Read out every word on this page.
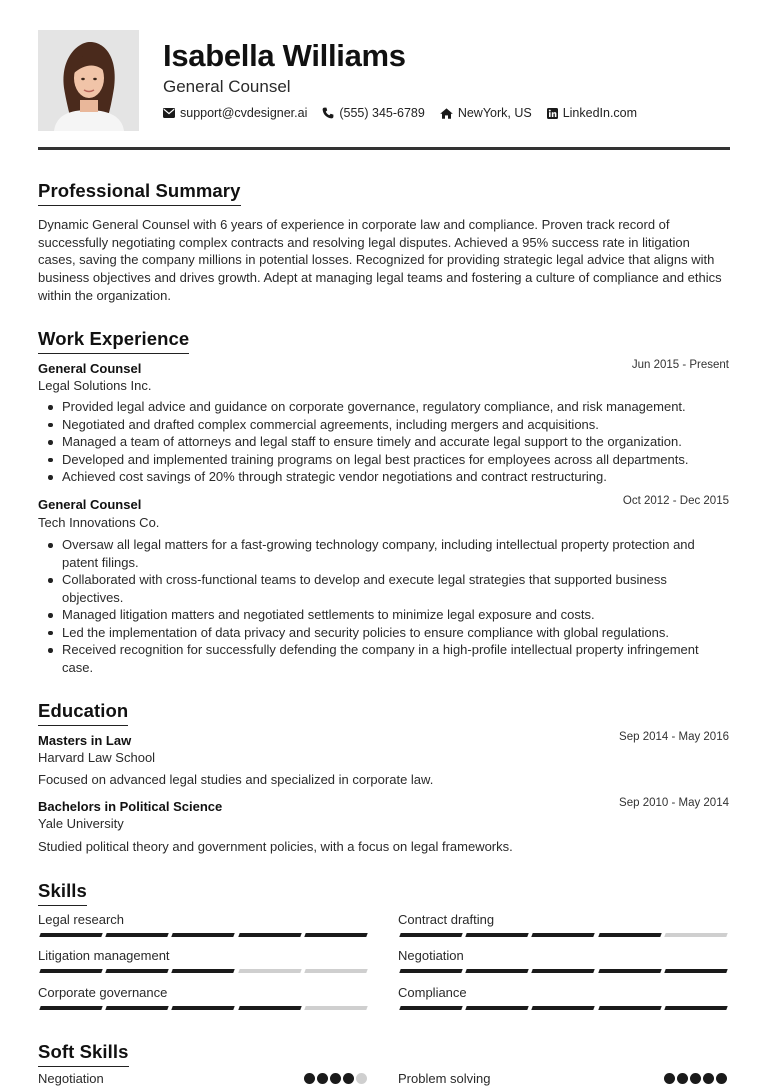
Isabella Williams
General Counsel
support@cvdesigner.ai	(555) 345-6789	NewYork, US LinkedIn.com
Professional Summary
Dynamic General Counsel with 6 years of experience in corporate law and compliance. Proven track record of successfully negotiating complex contracts and resolving legal disputes. Achieved a 95% success rate in litigation cases, saving the company millions in potential losses. Recognized for providing strategic legal advice that aligns with business objectives and drives growth. Adept at managing legal teams and fostering a culture of compliance and ethics within the organization.
Work Experience
General Counsel	Jun 2015 - Present
Legal Solutions Inc.
Provided legal advice and guidance on corporate governance, regulatory compliance, and risk management.
Negotiated and drafted complex commercial agreements, including mergers and acquisitions.
Managed a team of attorneys and legal staff to ensure timely and accurate legal support to the organization.
Developed and implemented training programs on legal best practices for employees across all departments.
Achieved cost savings of 20% through strategic vendor negotiations and contract restructuring.
General Counsel	Oct 2012 - Dec 2015
Tech Innovations Co.
Oversaw all legal matters for a fast-growing technology company, including intellectual property protection and patent filings.
Collaborated with cross-functional teams to develop and execute legal strategies that supported business objectives.
Managed litigation matters and negotiated settlements to minimize legal exposure and costs.
Led the implementation of data privacy and security policies to ensure compliance with global regulations.
Received recognition for successfully defending the company in a high-profile intellectual property infringement case.
Education
Masters in Law	Sep 2014 - May 2016
Harvard Law School
Focused on advanced legal studies and specialized in corporate law.
Bachelors in Political Science	Sep 2010 - May 2014
Yale University
Studied political theory and government policies, with a focus on legal frameworks.
Skills
Legal research	Contract drafting
Litigation management	Negotiation
Corporate governance	Compliance
Soft Skills
Negotiation	Problem solving
